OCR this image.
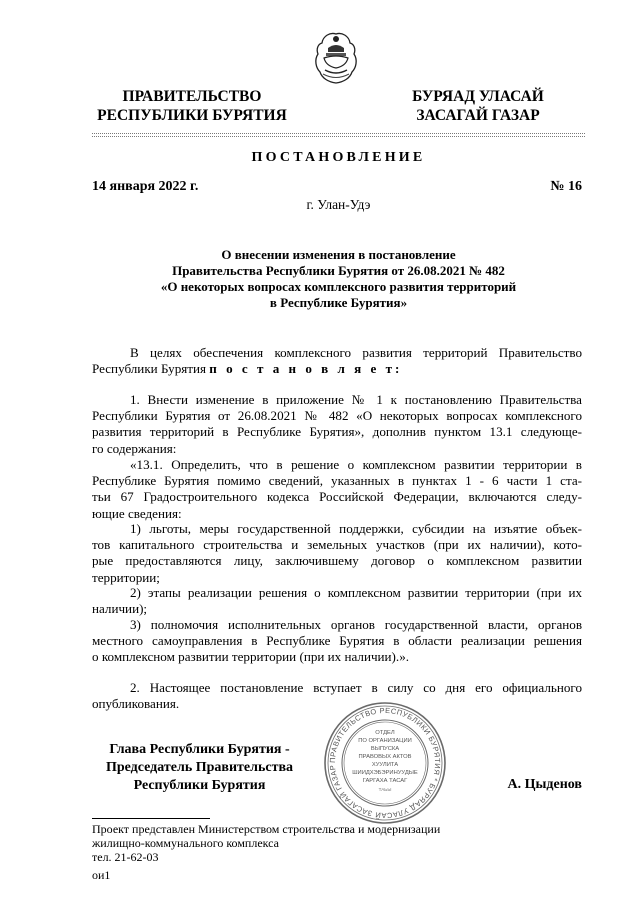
ПРАВИТЕЛЬСТВО
РЕСПУБЛИКИ БУРЯТИЯ
БУРЯАД УЛАСАЙ
ЗАСАГАЙ ГАЗАР
ПОСТАНОВЛЕНИЕ
14 января 2022 г.	№ 16
г. Улан-Удэ
О внесении изменения в постановление
Правительства Республики Бурятия от 26.08.2021 № 482
«О некоторых вопросах комплексного развития территорий
в Республике Бурятия»
В целях обеспечения комплексного развития территорий Правительство
Республики Бурятия п о с т а н о в л я е т:
1. Внести изменение в приложение № 1 к постановлению Правительства
Республики Бурятия от 26.08.2021 № 482 «О некоторых вопросах комплексного
развития территорий в Республике Бурятия», дополнив пунктом 13.1 следующе-
го содержания:
«13.1. Определить, что в решение о комплексном развитии территории в
Республике Бурятия помимо сведений, указанных в пунктах 1 - 6 части 1 ста-
тьи 67 Градостроительного кодекса Российской Федерации, включаются следу-
ющие сведения:
1) льготы, меры государственной поддержки, субсидии на изъятие объек-
тов капитального строительства и земельных участков (при их наличии), кото-
рые предоставляются лицу, заключившему договор о комплексном развитии
территории;
2) этапы реализации решения о комплексном развитии территории (при их
наличии);
3) полномочия исполнительных органов государственной власти, органов
местного самоуправления в Республике Бурятия в области реализации решения
о комплексном развитии территории (при их наличии).».
2. Настоящее постановление вступает в силу со дня его официального
опубликования.
ПРАВИТЕЛЬСТВО РЕСПУБЛИКИ БУРЯТИЯ * БУРЯАД УЛАСАЙ ЗАСАГАЙ ГАЗАР
ОТДЕЛ
ПО ОРГАНИЗАЦИИ
ВЫПУСКА
ПРАВОВЫХ АКТОВ
ХУУЛИТА
ШИИДХЭБЭРИНУУДЫЕ
ГАРГАХА ТАСАГ
ТАЬЫ
Глава Республики Бурятия -
Председатель Правительства
Республики Бурятия	А. Цыденов
Проект представлен Министерством строительства и модернизации
жилищно-коммунального комплекса
тел. 21-62-03
ои1
